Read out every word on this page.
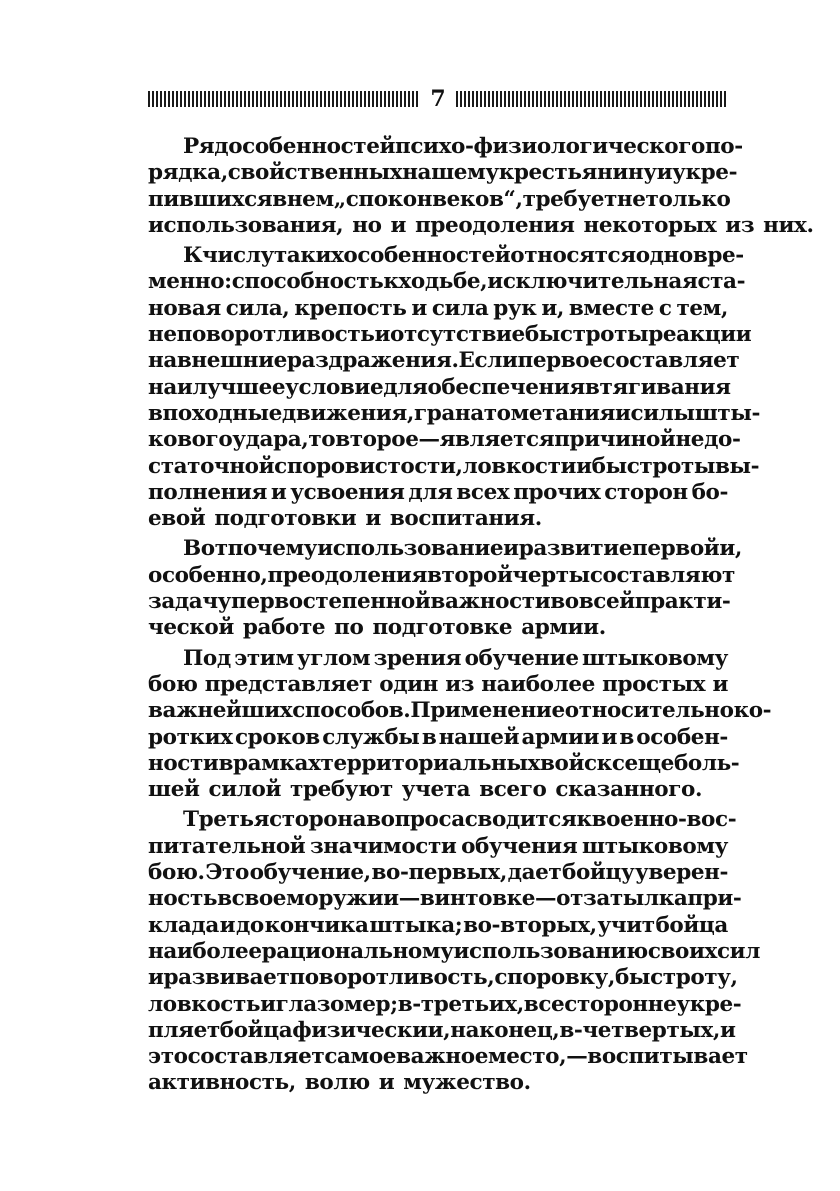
7
Ряд особенностей психо-физиологического по-
рядка, свойственных нашему крестьянину и укре-
пившихся в нем „спокон веков“, требует не только
использования, но и преодоления некоторых из них.
К числу таких особенностей относятся одновре-
менно: способность к ходьбе, исключительная ста-
новая сила, крепость и сила рук и, вместе с тем,
неповоротливость и отсутствие быстроты реакции
на внешние раздражения. Если первое составляет
наилучшее условие для обеспечения втягивания
в походные движения, гранатометания и силы шты-
кового удара, то второе—является причиной недо-
статочной споровистости, ловкости и быстроты вы-
полнения и усвоения для всех прочих сторон бо-
евой подготовки и воспитания.
Вот почему использование и развитие первой и,
особенно, преодоления второй черты составляют
задачу первостепенной важности во всей практи-
ческой работе по подготовке армии.
Под этим углом зрения обучение штыковому
бою представляет один из наиболее простых и
важнейших способов. Применение относительно ко-
ротких сроков службы в нашей армии и в особен-
ности в рамках территориальных войск с еще боль-
шей силой требуют учета всего сказанного.
Третья сторона вопроса сводится к военно-вос-
питательной значимости обучения штыковому
бою. Это обучение, во-первых, дает бойцу уверен-
ность в своем оружии—винтовке—от затылка при-
клада и до кончика штыка; во-вторых, учит бойца
наиболее рациональному использованию своих сил
и развивает поворотливость, споровку, быстроту,
ловкость и глазомер; в-третьих, всесторонне укре-
пляет бойца физически и, наконец, в-четвертых, и
это составляет самое важное место, — воспитывает
активность, волю и мужество.
